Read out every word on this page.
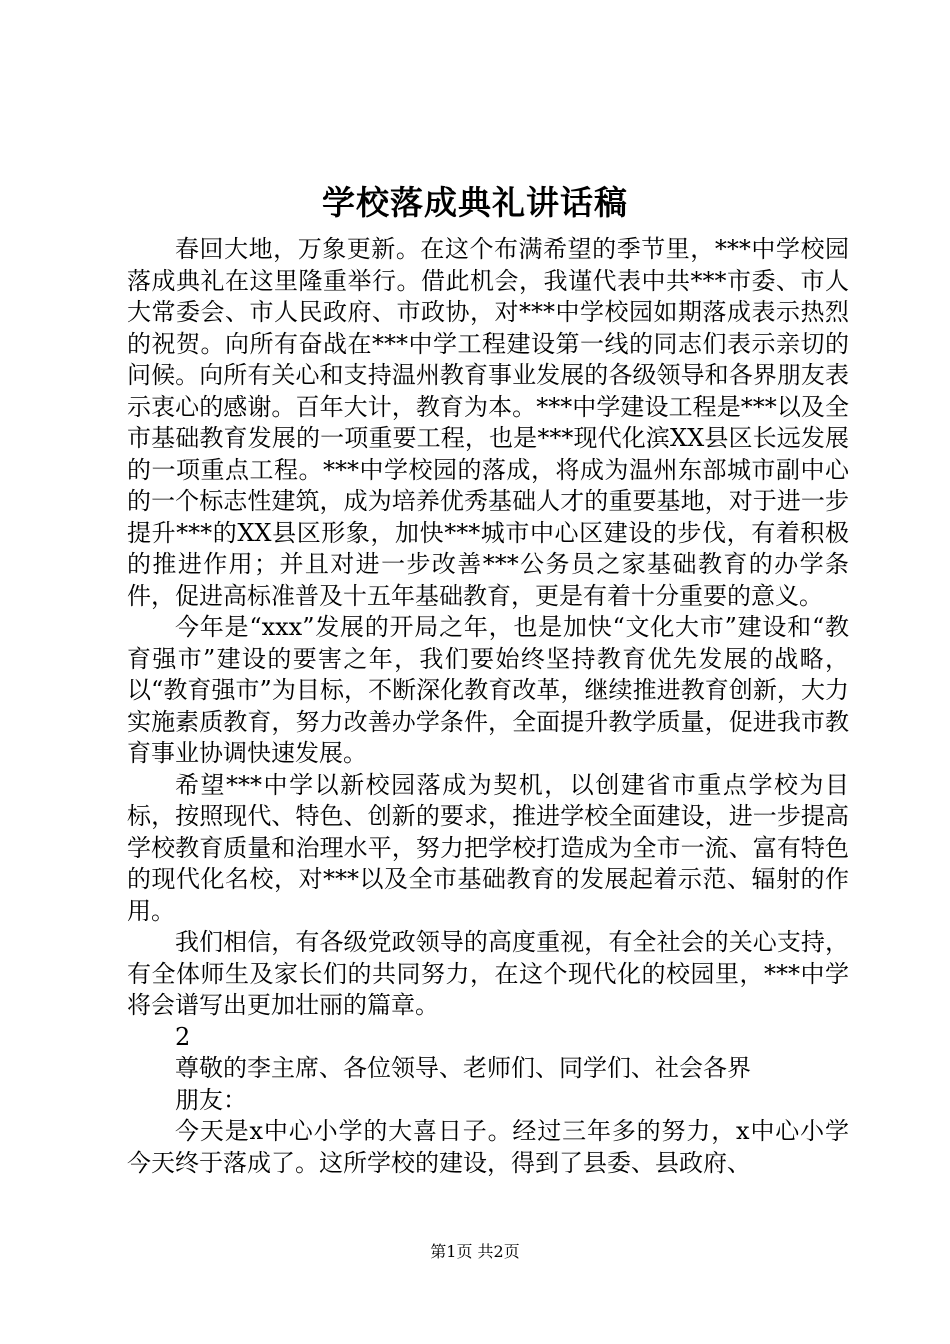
学校落成典礼讲话稿

春回大地，万象更新。在这个布满希望的季节里，***中学校园落成典礼在这里隆重举行。借此机会，我谨代表中共***市委、市人大常委会、市人民政府、市政协，对***中学校园如期落成表示热烈的祝贺。向所有奋战在***中学工程建设第一线的同志们表示亲切的问候。向所有关心和支持温州教育事业发展的各级领导和各界朋友表示衷心的感谢。百年大计，教育为本。***中学建设工程是***以及全市基础教育发展的一项重要工程，也是***现代化滨XX县区长远发展的一项重点工程。***中学校园的落成，将成为温州东部城市副中心的一个标志性建筑，成为培养优秀基础人才的重要基地，对于进一步提升***的XX县区形象，加快***城市中心区建设的步伐，有着积极的推进作用；并且对进一步改善***公务员之家基础教育的办学条件，促进高标准普及十五年基础教育，更是有着十分重要的意义。

今年是“xxx”发展的开局之年，也是加快“文化大市”建设和“教育强市”建设的要害之年，我们要始终坚持教育优先发展的战略，以“教育强市”为目标，不断深化教育改革，继续推进教育创新，大力实施素质教育，努力改善办学条件，全面提升教学质量，促进我市教育事业协调快速发展。

希望***中学以新校园落成为契机，以创建省市重点学校为目标，按照现代、特色、创新的要求，推进学校全面建设，进一步提高学校教育质量和治理水平，努力把学校打造成为全市一流、富有特色的现代化名校，对***以及全市基础教育的发展起着示范、辐射的作用。

我们相信，有各级党政领导的高度重视，有全社会的关心支持，有全体师生及家长们的共同努力，在这个现代化的校园里，***中学将会谱写出更加壮丽的篇章。

2

尊敬的李主席、各位领导、老师们、同学们、社会各界

朋友：

今天是x中心小学的大喜日子。经过三年多的努力，x中心小学今天终于落成了。这所学校的建设，得到了县委、县政府、

第1页 共2页
